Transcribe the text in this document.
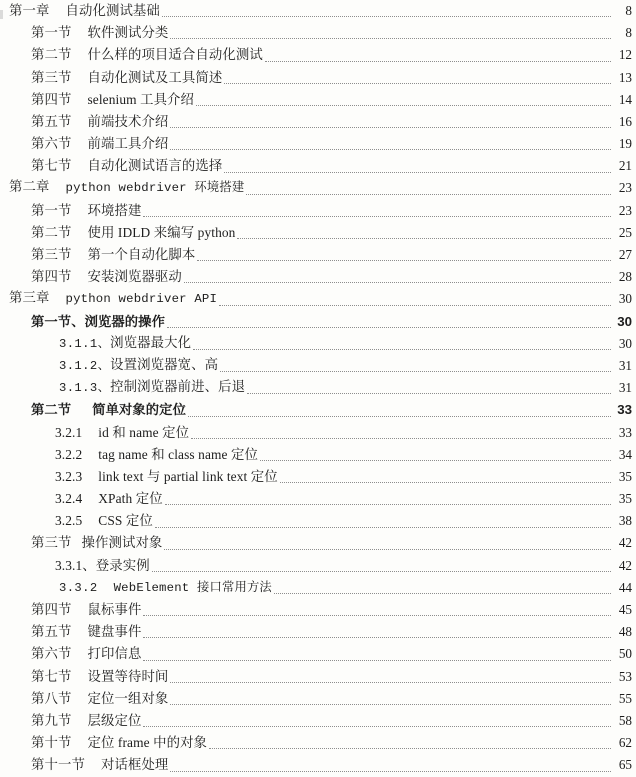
第一章 自动化测试基础	8
第一节 软件测试分类	8
第二节 什么样的项目适合自动化测试	12
第三节 自动化测试及工具简述	13
第四节 selenium 工具介绍	14
第五节 前端技术介绍	16
第六节 前端工具介绍	19
第七节 自动化测试语言的选择	21
第二章 python webdriver 环境搭建	23
第一节 环境搭建	23
第二节 使用 IDLD 来编写 python	25
第三节 第一个自动化脚本	27
第四节 安装浏览器驱动	28
第三章 python webdriver API	30
第一节、浏览器的操作	30
3.1.1、浏览器最大化	30
3.1.2、设置浏览器宽、高	31
3.1.3、控制浏览器前进、后退	31
第二节 简单对象的定位	33
3.2.1 id 和 name 定位	33
3.2.2 tag name 和 class name 定位	34
3.2.3 link text 与 partial link text 定位	35
3.2.4 XPath 定位	35
3.2.5 CSS 定位	38
第三节 操作测试对象	42
3.3.1、登录实例	42
3.3.2 WebElement 接口常用方法	44
第四节 鼠标事件	45
第五节 键盘事件	48
第六节 打印信息	50
第七节 设置等待时间	53
第八节 定位一组对象	55
第九节 层级定位	58
第十节 定位 frame 中的对象	62
第十一节 对话框处理	65
